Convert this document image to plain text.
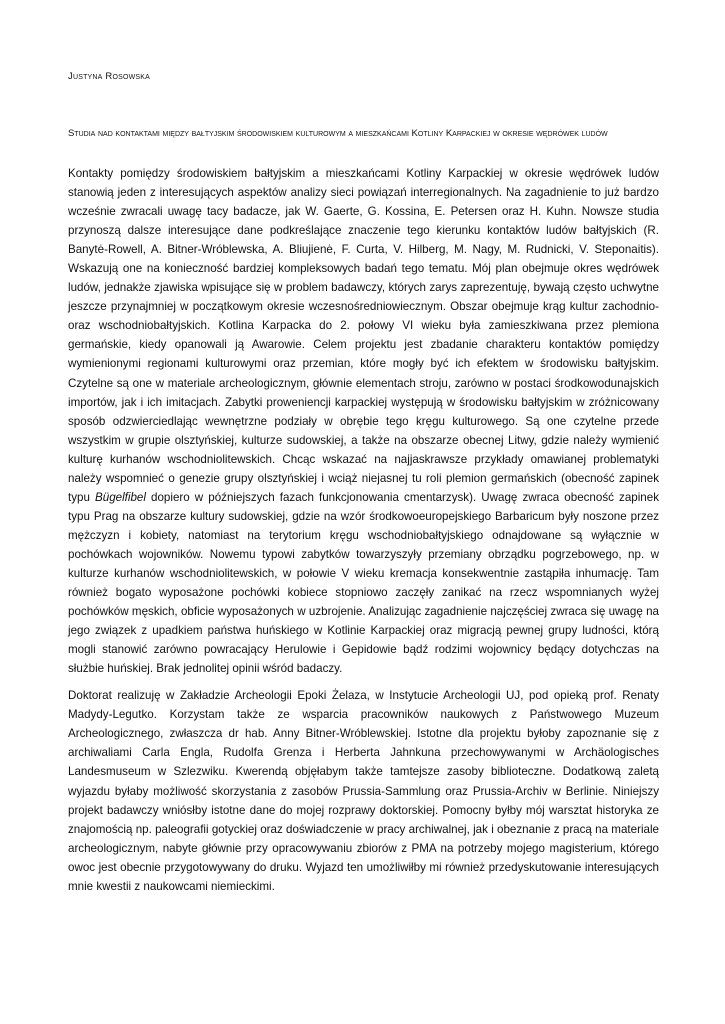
Justyna Rosowska
Studia nad kontaktami między bałtyjskim środowiskiem kulturowym a mieszkańcami Kotliny Karpackiej w okresie wędrówek ludów

Kontakty pomiędzy środowiskiem bałtyjskim a mieszkańcami Kotliny Karpackiej w okresie wędrówek ludów stanowią jeden z interesujących aspektów analizy sieci powiązań interregionalnych. Na zagadnienie to już bardzo wcześnie zwracali uwagę tacy badacze, jak W. Gaerte, G. Kossina, E. Petersen oraz H. Kuhn. Nowsze studia przynoszą dalsze interesujące dane podkreślające znaczenie tego kierunku kontaktów ludów bałtyjskich (R. Banytė-Rowell, A. Bitner-Wróblewska, A. Bliujienė, F. Curta, V. Hilberg, M. Nagy, M. Rudnicki, V. Steponaitis). Wskazują one na konieczność bardziej kompleksowych badań tego tematu. Mój plan obejmuje okres wędrówek ludów, jednakże zjawiska wpisujące się w problem badawczy, których zarys zaprezentuję, bywają często uchwytne jeszcze przynajmniej w początkowym okresie wczesnośredniowiecznym. Obszar obejmuje krąg kultur zachodnio- oraz wschodniobałtyjskich. Kotlina Karpacka do 2. połowy VI wieku była zamieszkiwana przez plemiona germańskie, kiedy opanowali ją Awarowie. Celem projektu jest zbadanie charakteru kontaktów pomiędzy wymienionymi regionami kulturowymi oraz przemian, które mogły być ich efektem w środowisku bałtyjskim. Czytelne są one w materiale archeologicznym, głównie elementach stroju, zarówno w postaci środkowodunajskich importów, jak i ich imitacjach. Zabytki proweniencji karpackiej występują w środowisku bałtyjskim w zróżnicowany sposób odzwierciedlając wewnętrzne podziały w obrębie tego kręgu kulturowego. Są one czytelne przede wszystkim w grupie olsztyńskiej, kulturze sudowskiej, a także na obszarze obecnej Litwy, gdzie należy wymienić kulturę kurhanów wschodniolitewskich. Chcąc wskazać na najjaskrawsze przykłady omawianej problematyki należy wspomnieć o genezie grupy olsztyńskiej i wciąż niejasnej tu roli plemion germańskich (obecność zapinek typu Bügelfibel dopiero w późniejszych fazach funkcjonowania cmentarzysk). Uwagę zwraca obecność zapinek typu Prag na obszarze kultury sudowskiej, gdzie na wzór środkowoeuropejskiego Barbaricum były noszone przez mężczyzn i kobiety, natomiast na terytorium kręgu wschodniobałtyjskiego odnajdowane są wyłącznie w pochówkach wojowników. Nowemu typowi zabytków towarzyszyły przemiany obrządku pogrzebowego, np. w kulturze kurhanów wschodniolitewskich, w połowie V wieku kremacja konsekwentnie zastąpiła inhumację. Tam również bogato wyposażone pochówki kobiece stopniowo zaczęły zanikać na rzecz wspomnianych wyżej pochówków męskich, obficie wyposażonych w uzbrojenie. Analizując zagadnienie najczęściej zwraca się uwagę na jego związek z upadkiem państwa huńskiego w Kotlinie Karpackiej oraz migracją pewnej grupy ludności, którą mogli stanowić zarówno powracający Herulowie i Gepidowie bądź rodzimi wojownicy będący dotychczas na służbie huńskiej. Brak jednolitej opinii wśród badaczy.

Doktorat realizuję w Zakładzie Archeologii Epoki Żelaza, w Instytucie Archeologii UJ, pod opieką prof. Renaty Madydy-Legutko. Korzystam także ze wsparcia pracowników naukowych z Państwowego Muzeum Archeologicznego, zwłaszcza dr hab. Anny Bitner-Wróblewskiej. Istotne dla projektu byłoby zapoznanie się z archiwaliami Carla Engla, Rudolfa Grenza i Herberta Jahnkuna przechowywanymi w Archäologisches Landesmuseum w Szlezwiku. Kwerendą objęłabym także tamtejsze zasoby biblioteczne. Dodatkową zaletą wyjazdu byłaby możliwość skorzystania z zasobów Prussia-Sammlung oraz Prussia-Archiv w Berlinie. Niniejszy projekt badawczy wniósłby istotne dane do mojej rozprawy doktorskiej. Pomocny byłby mój warsztat historyka ze znajomością np. paleografii gotyckiej oraz doświadczenie w pracy archiwalnej, jak i obeznanie z pracą na materiale archeologicznym, nabyte głównie przy opracowywaniu zbiorów z PMA na potrzeby mojego magisterium, którego owoc jest obecnie przygotowywany do druku. Wyjazd ten umożliwiłby mi również przedyskutowanie interesujących mnie kwestii z naukowcami niemieckimi.
